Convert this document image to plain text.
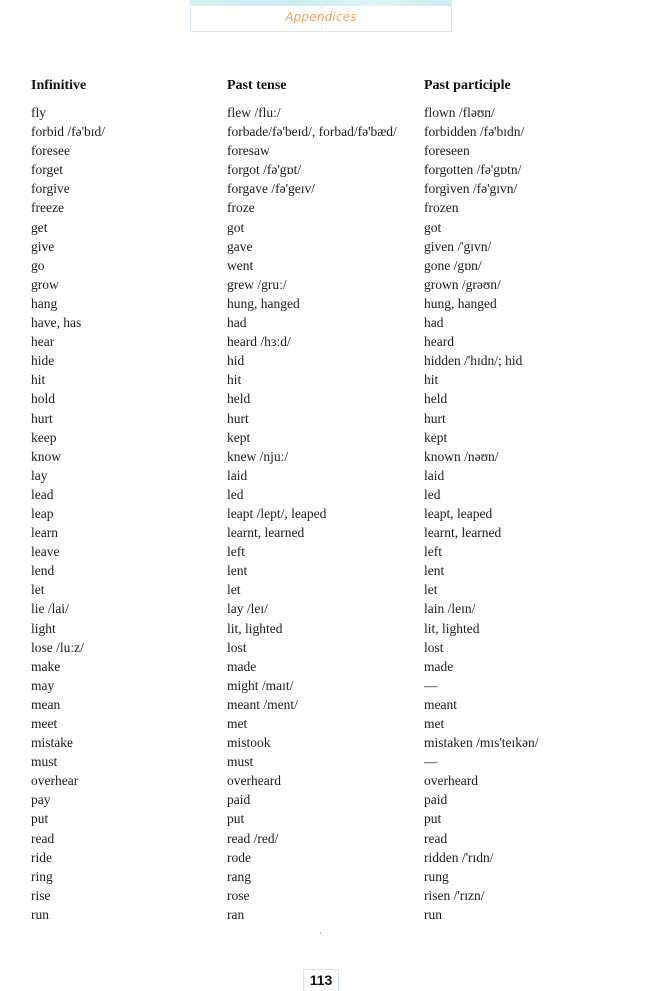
Appendices
Infinitive	Past tense	Past participle
fly	flew /fluː/	flown /fləʊn/
forbid /fə'bɪd/	forbade/fə'beɪd/, forbad/fə'bæd/	forbidden /fə'bɪdn/
foresee	foresaw	foreseen
forget	forgot /fə'gɒt/	forgotten /fə'gɒtn/
forgive	forgave /fə'geɪv/	forgiven /fə'gɪvn/
freeze	froze	frozen
get	got	got
give	gave	given /'gɪvn/
go	went	gone /gɒn/
grow	grew /gruː/	grown /grəʊn/
hang	hung, hanged	hung, hanged
have, has	had	had
hear	heard /hɜːd/	heard
hide	hid	hidden /'hɪdn/; hid
hit	hit	hit
hold	held	held
hurt	hurt	hurt
keep	kept	kept
know	knew /njuː/	known /nəʊn/
lay	laid	laid
lead	led	led
leap	leapt /lept/, leaped	leapt, leaped
learn	learnt, learned	learnt, learned
leave	left	left
lend	lent	lent
let	let	let
lie /lai/	lay /leɪ/	lain /leɪn/
light	lit, lighted	lit, lighted
lose /luːz/	lost	lost
make	made	made
may	might /maɪt/	—
mean	meant /ment/	meant
meet	met	met
mistake	mistook	mistaken /mɪs'teɪkən/
must	must	—
overhear	overheard	overheard
pay	paid	paid
put	put	put
read	read /red/	read
ride	rode	ridden /'rɪdn/
ring	rang	rung
rise	rose	risen /'rɪzn/
run	ran	run
113
